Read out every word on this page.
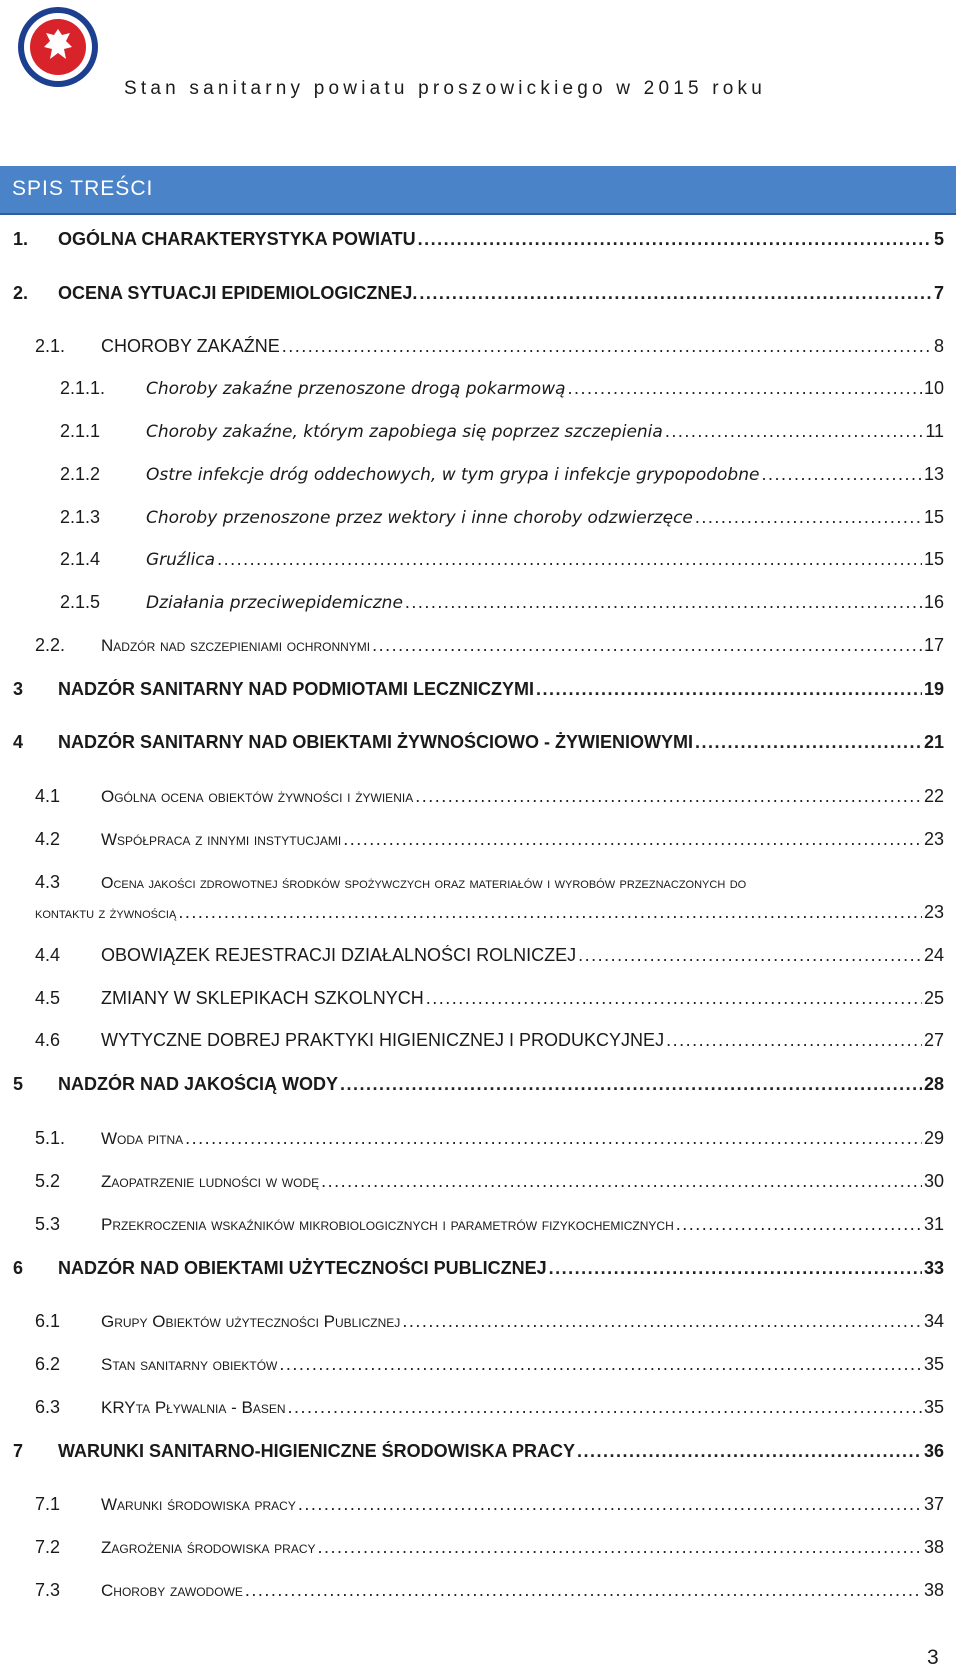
Stan sanitarny powiatu proszowickiego w 2015 roku
SPIS TREŚCI
1.	OGÓLNA CHARAKTERYSTYKA POWIATU .....	5
2.	OCENA SYTUACJI EPIDEMIOLOGICZNEJ. .....	7
2.1.	CHOROBY ZAKAŹNE .....	8
2.1.1.	Choroby zakaźne przenoszone drogą pokarmową .....	10
2.1.1	Choroby zakaźne, którym zapobiega się poprzez szczepienia .....	11
2.1.2	Ostre infekcje dróg oddechowych, w tym grypa i infekcje grypopodobne .....	13
2.1.3	Choroby przenoszone przez wektory i inne choroby odzwierzęce .....	15
2.1.4	Gruźlica .....	15
2.1.5	Działania przeciwepidemiczne .....	16
2.2.	Nadzór nad szczepieniami ochronnymi .....	17
3	NADZÓR SANITARNY NAD PODMIOTAMI LECZNICZYMI .....	19
4	NADZÓR SANITARNY NAD OBIEKTAMI ŻYWNOŚCIOWO - ŻYWIENIOWYMI .....	21
4.1	Ogólna ocena obiektów żywności i żywienia .....	22
4.2	Współpraca z innymi instytucjami .....	23
4.3	Ocena jakości zdrowotnej środków spożywczych oraz materiałów i wyrobów przeznaczonych do
kontaktu z żywnością .....	23
4.4	OBOWIĄZEK REJESTRACJI DZIAŁALNOŚCI ROLNICZEJ .....	24
4.5	ZMIANY W SKLEPIKACH SZKOLNYCH .....	25
4.6	WYTYCZNE DOBREJ PRAKTYKI HIGIENICZNEJ I PRODUKCYJNEJ .....	27
5	NADZÓR NAD JAKOŚCIĄ WODY .....	28
5.1.	Woda pitna .....	29
5.2	Zaopatrzenie ludności w wodę .....	30
5.3	Przekroczenia wskaźników mikrobiologicznych i parametrów fizykochemicznych .....	31
6	NADZÓR NAD OBIEKTAMI UŻYTECZNOŚCI PUBLICZNEJ .....	33
6.1	Grupy Obiektów użyteczności Publicznej .....	34
6.2	Stan sanitarny obiektów .....	35
6.3	KRYta Pływalnia - Basen .....	35
7	WARUNKI SANITARNO-HIGIENICZNE ŚRODOWISKA PRACY .....	36
7.1	Warunki środowiska pracy .....	37
7.2	Zagrożenia środowiska pracy .....	38
7.3	Choroby zawodowe .....	38
3
